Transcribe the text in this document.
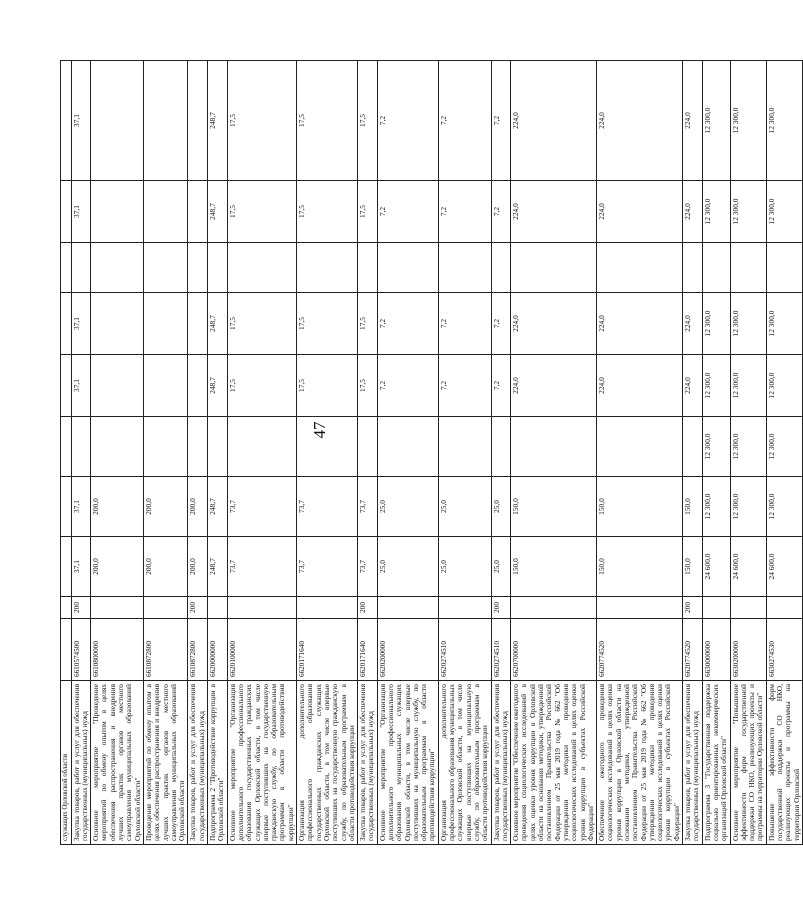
47
служащих Орловской области										
Закупка товаров, работ и услуг для обеспечения государственных (муниципальных) нужд	6610574500	200	37,1	37,1		37,1	37,1		37,1	37,1
Основное мероприятие "Проведение мероприятий по обмену опытом в целях обеспечения распространения и внедрения лучших практик органов местного самоуправления муниципальных образований Орловской области"	6610800000		200,0	200,0						
Проведение мероприятий по обмену опытом в целях обеспечения распространения и внедрения лучших практик органов местного самоуправления муниципальных образований Орловской области	6610872800		200,0	200,0						
Закупка товаров, работ и услуг для обеспечения государственных (муниципальных) нужд	6610872800	200	200,0	200,0						
Подпрограмма 2 "Противодействие коррупции в Орловской области"	6620000000		248,7	248,7		248,7	248,7		248,7	248,7
Основное мероприятие "Организация дополнительного профессионального образования государственных гражданских служащих Орловской области, в том числе впервые поступивших на государственную гражданскую службу, по образовательным программам в области противодействия коррупции"	6620100000		73,7	73,7		17,5	17,5		17,5	17,5
Организация дополнительного профессионального образования государственных гражданских служащих Орловской области, в том числе впервые поступивших на государственную гражданскую службу, по образовательным программам в области противодействия коррупции	6620171640		73,7	73,7		17,5	17,5		17,5	17,5
Закупка товаров, работ и услуг для обеспечения государственных (муниципальных) нужд	6620171640	200	73,7	73,7		17,5	17,5		17,5	17,5
Основное мероприятие "Организация дополнительного профессионального образования муниципальных служащих Орловской области, в том числе впервые поступивших на муниципальную службу, по образовательным программам в области противодействия коррупции"	6620200000		25,0	25,0		7,2	7,2		7,2	7,2
Организация дополнительного профессионального образования муниципальных служащих Орловской области, в том числе впервые поступивших на муниципальную службу, по образовательным программам в области противодействия коррупции	6620274510		25,0	25,0		7,2	7,2		7,2	7,2
Закупка товаров, работ и услуг для обеспечения государственных (муниципальных) нужд	6620274510	200	25,0	25,0		7,2	7,2		7,2	7,2
Основное мероприятие "Обеспечение ежегодного проведения социологических исследований в целях оценки уровня коррупции в Орловской области на основании методики, утвержденной постановлением Правительства Российской Федерации от 25 мая 2019 года № 662 "Об утверждении методики проведения социологических исследований в целях оценки уровня коррупции в субъектах Российской Федерации"	6620700000		150,0	150,0		224,0	224,0		224,0	224,0
Обеспечение ежегодного проведения социологических исследований в целях оценки уровня коррупции в Орловской области на основании методики, утвержденной постановлением Правительства Российской Федерации от 25 мая 2019 года № 662 "Об утверждении методики проведения социологических исследований в целях оценки уровня коррупции в субъектах Российской Федерации"	6620774520		150,0	150,0		224,0	224,0		224,0	224,0
Закупка товаров, работ и услуг для обеспечения государственных (муниципальных) нужд	6620774520	200	150,0	150,0		224,0	224,0		224,0	224,0
Подпрограмма 3 "Государственная поддержка социально ориентированных некоммерческих организаций Орловской области"	6630000000		24 600,0	12 300,0	12 300,0	12 300,0	12 300,0		12 300,0	12 300,0
Основное мероприятие "Повышение эффективности форм государственной поддержки СО НКО, реализующих проекты и программы на территории Орловской области"	6630200000		24 600,0	12 300,0	12 300,0	12 300,0	12 300,0		12 300,0	12 300,0
Повышение эффективности форм государственной поддержки СО НКО, реализующих проекты и программы на территории Орловской	6630274530		24 600,0	12 300,0	12 300,0	12 300,0	12 300,0		12 300,0	12 300,0
